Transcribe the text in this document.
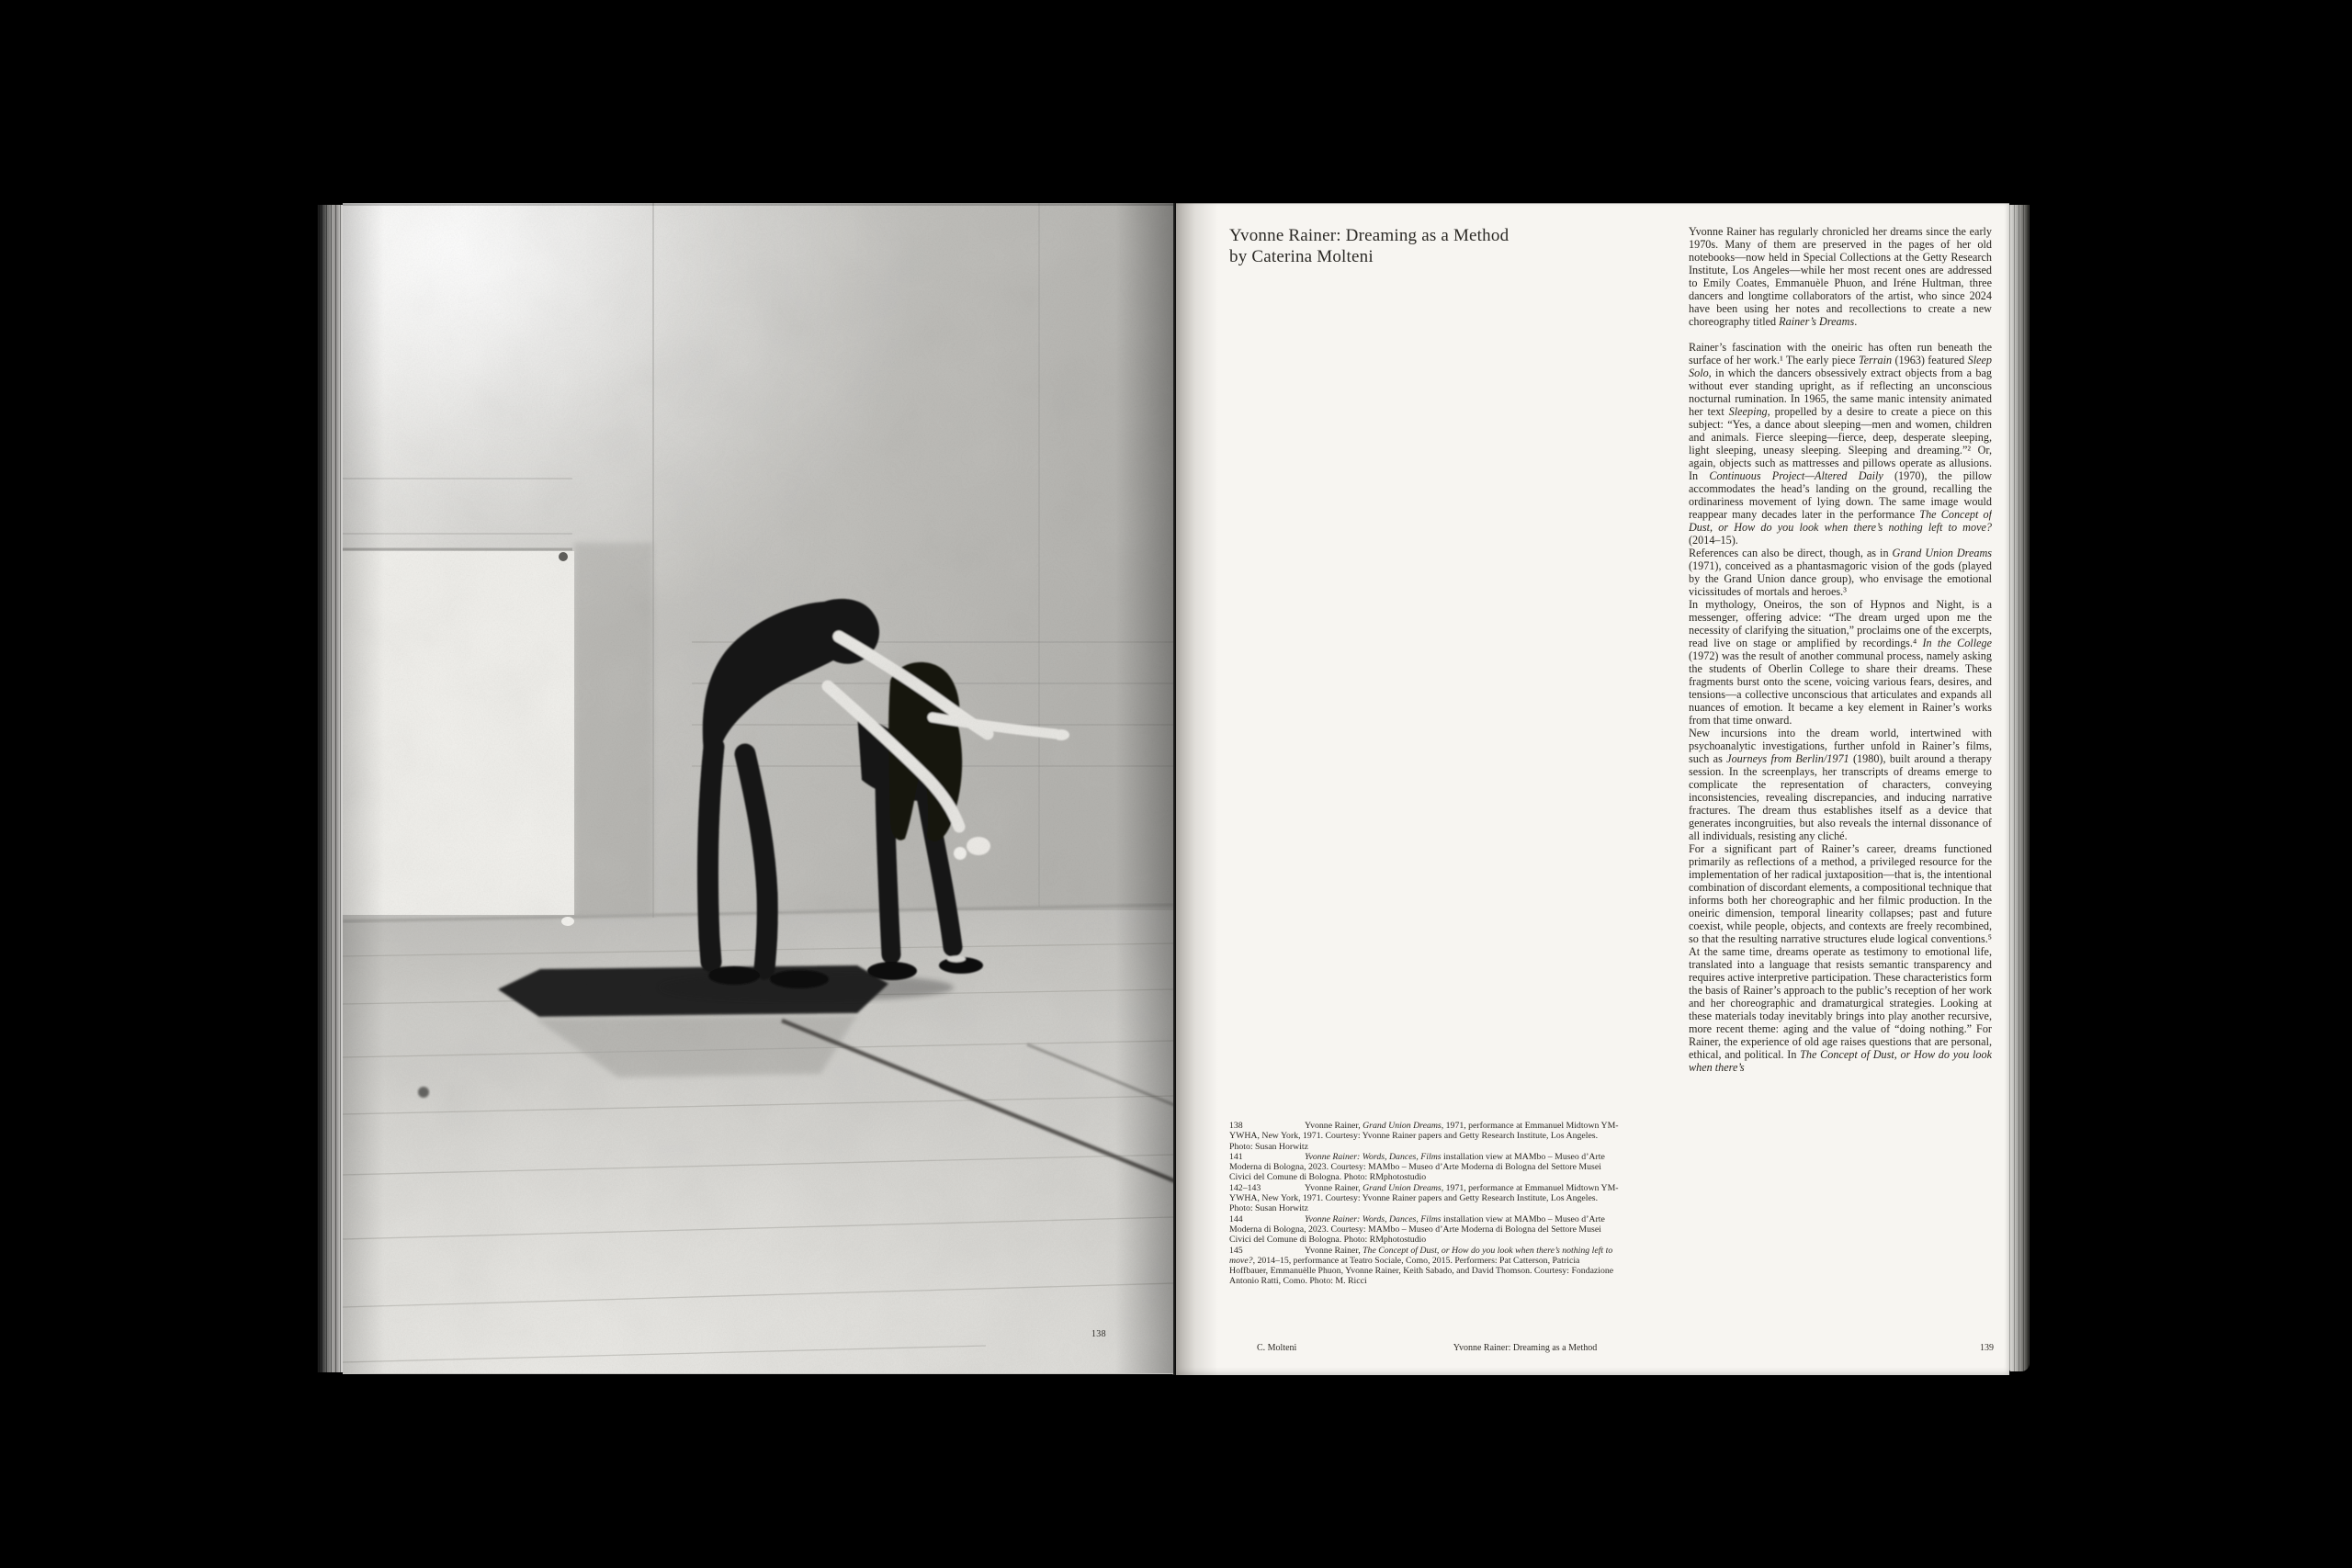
138
Yvonne Rainer: Dreaming as a Method
by Caterina Molteni

138	Yvonne Rainer, Grand Union Dreams, 1971, performance at Emmanuel Midtown YM-YWHA, New York, 1971. Courtesy: Yvonne Rainer papers and Getty Research Institute, Los Angeles. Photo: Susan Horwitz

141	Yvonne Rainer: Words, Dances, Films installation view at MAMbo – Museo d’Arte Moderna di Bologna, 2023. Courtesy: MAMbo – Museo d’Arte Moderna di Bologna del Settore Musei Civici del Comune di Bologna. Photo: RMphotostudio

142–143	Yvonne Rainer, Grand Union Dreams, 1971, performance at Emmanuel Midtown YM-YWHA, New York, 1971. Courtesy: Yvonne Rainer papers and Getty Research Institute, Los Angeles. Photo: Susan Horwitz

144	Yvonne Rainer: Words, Dances, Films installation view at MAMbo – Museo d’Arte Moderna di Bologna, 2023. Courtesy: MAMbo – Museo d’Arte Moderna di Bologna del Settore Musei Civici del Comune di Bologna. Photo: RMphotostudio

145	Yvonne Rainer, The Concept of Dust, or How do you look when there’s nothing left to move?, 2014–15, performance at Teatro Sociale, Como, 2015. Performers: Pat Catterson, Patricia Hoffbauer, Emmanuèlle Phuon, Yvonne Rainer, Keith Sabado, and David Thomson. Courtesy: Fondazione Antonio Ratti, Como. Photo: M. Ricci

Yvonne Rainer has regularly chronicled her dreams since the early 1970s. Many of them are preserved in the pages of her old notebooks—now held in Special Collections at the Getty Research Institute, Los Angeles—while her most recent ones are addressed to Emily Coates, Emmanuèle Phuon, and Iréne Hultman, three dancers and longtime collaborators of the artist, who since 2024 have been using her notes and recollections to create a new choreography titled Rainer’s Dreams.

Rainer’s fascination with the oneiric has often run beneath the surface of her work.¹ The early piece Terrain (1963) featured Sleep Solo, in which the dancers obsessively extract objects from a bag without ever standing upright, as if reflecting an unconscious nocturnal rumination. In 1965, the same manic intensity animated her text Sleeping, propelled by a desire to create a piece on this subject: “Yes, a dance about sleeping—men and women, children and animals. Fierce sleeping—fierce, deep, desperate sleeping, light sleeping, uneasy sleeping. Sleeping and dreaming.”² Or, again, objects such as mattresses and pillows operate as allusions. In Continuous Project—Altered Daily (1970), the pillow accommodates the head’s landing on the ground, recalling the ordinariness movement of lying down. The same image would reappear many decades later in the performance The Concept of Dust, or How do you look when there’s nothing left to move? (2014–15).

References can also be direct, though, as in Grand Union Dreams (1971), conceived as a phantasmagoric vision of the gods (played by the Grand Union dance group), who envisage the emotional vicissitudes of mortals and heroes.³

In mythology, Oneiros, the son of Hypnos and Night, is a messenger, offering advice: “The dream urged upon me the necessity of clarifying the situation,” proclaims one of the excerpts, read live on stage or amplified by recordings.⁴ In the College (1972) was the result of another communal process, namely asking the students of Oberlin College to share their dreams. These fragments burst onto the scene, voicing various fears, desires, and tensions—a collective unconscious that articulates and expands all nuances of emotion. It became a key element in Rainer’s works from that time onward.

New incursions into the dream world, intertwined with psychoanalytic investigations, further unfold in Rainer’s films, such as Journeys from Berlin/1971 (1980), built around a therapy session. In the screenplays, her transcripts of dreams emerge to complicate the representation of characters, conveying inconsistencies, revealing discrepancies, and inducing narrative fractures. The dream thus establishes itself as a device that generates incongruities, but also reveals the internal dissonance of all individuals, resisting any cliché.

For a significant part of Rainer’s career, dreams functioned primarily as reflections of a method, a privileged resource for the implementation of her radical juxtaposition—that is, the intentional combination of discordant elements, a compositional technique that informs both her choreographic and her filmic production. In the oneiric dimension, temporal linearity collapses; past and future coexist, while people, objects, and contexts are freely recombined, so that the resulting narrative structures elude logical conventions.⁵ At the same time, dreams operate as testimony to emotional life, translated into a language that resists semantic transparency and requires active interpretive participation. These characteristics form the basis of Rainer’s approach to the public’s reception of her work and her choreographic and dramaturgical strategies. Looking at these materials today inevitably brings into play another recursive, more recent theme: aging and the value of “doing nothing.” For Rainer, the experience of old age raises questions that are personal, ethical, and political. In The Concept of Dust, or How do you look when there’s

C. Molteni	Yvonne Rainer: Dreaming as a Method	139
